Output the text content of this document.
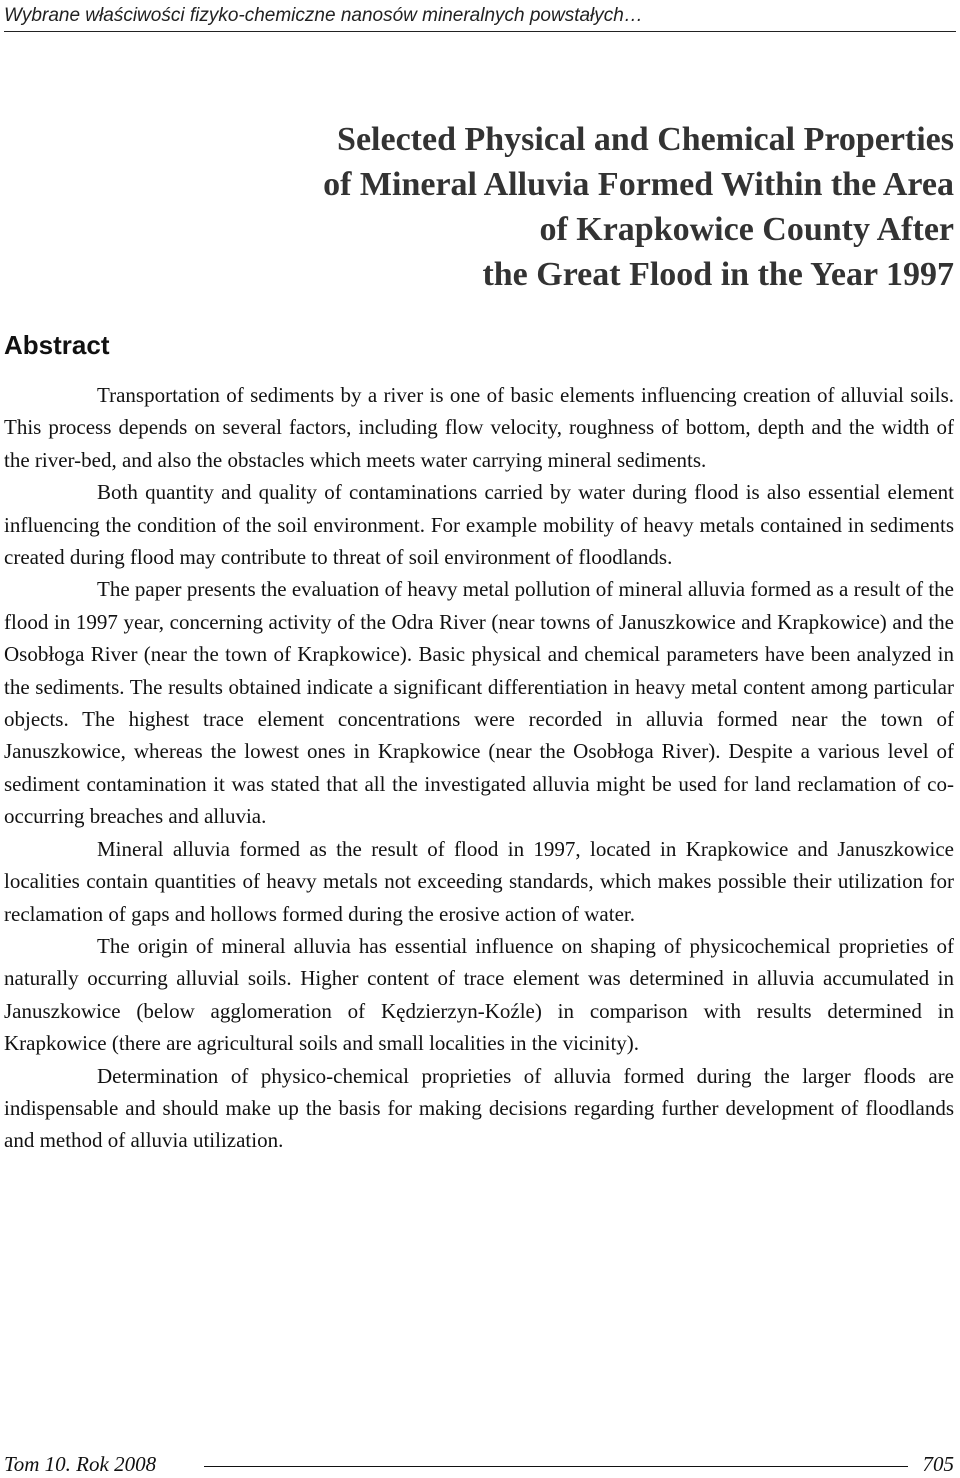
Wybrane właściwości fizyko-chemiczne nanosów mineralnych powstałych…
Selected Physical and Chemical Properties
of Mineral Alluvia Formed Within the Area
of Krapkowice County After
the Great Flood in the Year 1997
Abstract

Transportation of sediments by a river is one of basic elements influencing creation of alluvial soils. This process depends on several factors, including flow velocity, roughness of bottom, depth and the width of the river-bed, and also the obstacles which meets water carrying mineral sediments.

Both quantity and quality of contaminations carried by water during flood is also essential element influencing the condition of the soil environment. For example mobility of heavy metals contained in sediments created during flood may contribute to threat of soil environment of floodlands.

The paper presents the evaluation of heavy metal pollution of mineral alluvia formed as a result of the flood in 1997 year, concerning activity of the Odra River (near towns of Januszkowice and Krapkowice) and the Osobłoga River (near the town of Krapkowice). Basic physical and chemical parameters have been analyzed in the sediments. The results obtained indicate a significant differentiation in heavy metal content among particular objects. The highest trace element concentrations were recorded in alluvia formed near the town of Januszkowice, whereas the lowest ones in Krapkowice (near the Osobłoga River). Despite a various level of sediment contamination it was stated that all the investigated alluvia might be used for land reclamation of co-occurring breaches and alluvia.

Mineral alluvia formed as the result of flood in 1997, located in Krapkowice and Januszkowice localities contain quantities of heavy metals not exceeding standards, which makes possible their utilization for reclamation of gaps and hollows formed during the erosive action of water.

The origin of mineral alluvia has essential influence on shaping of physicochemical proprieties of naturally occurring alluvial soils. Higher content of trace element was determined in alluvia accumulated in Januszkowice (below agglomeration of Kędzierzyn-Koźle) in comparison with results determined in Krapkowice (there are agricultural soils and small localities in the vicinity).

Determination of physico-chemical proprieties of alluvia formed during the larger floods are indispensable and should make up the basis for making decisions regarding further development of floodlands and method of alluvia utilization.

Tom 10. Rok 2008	705
